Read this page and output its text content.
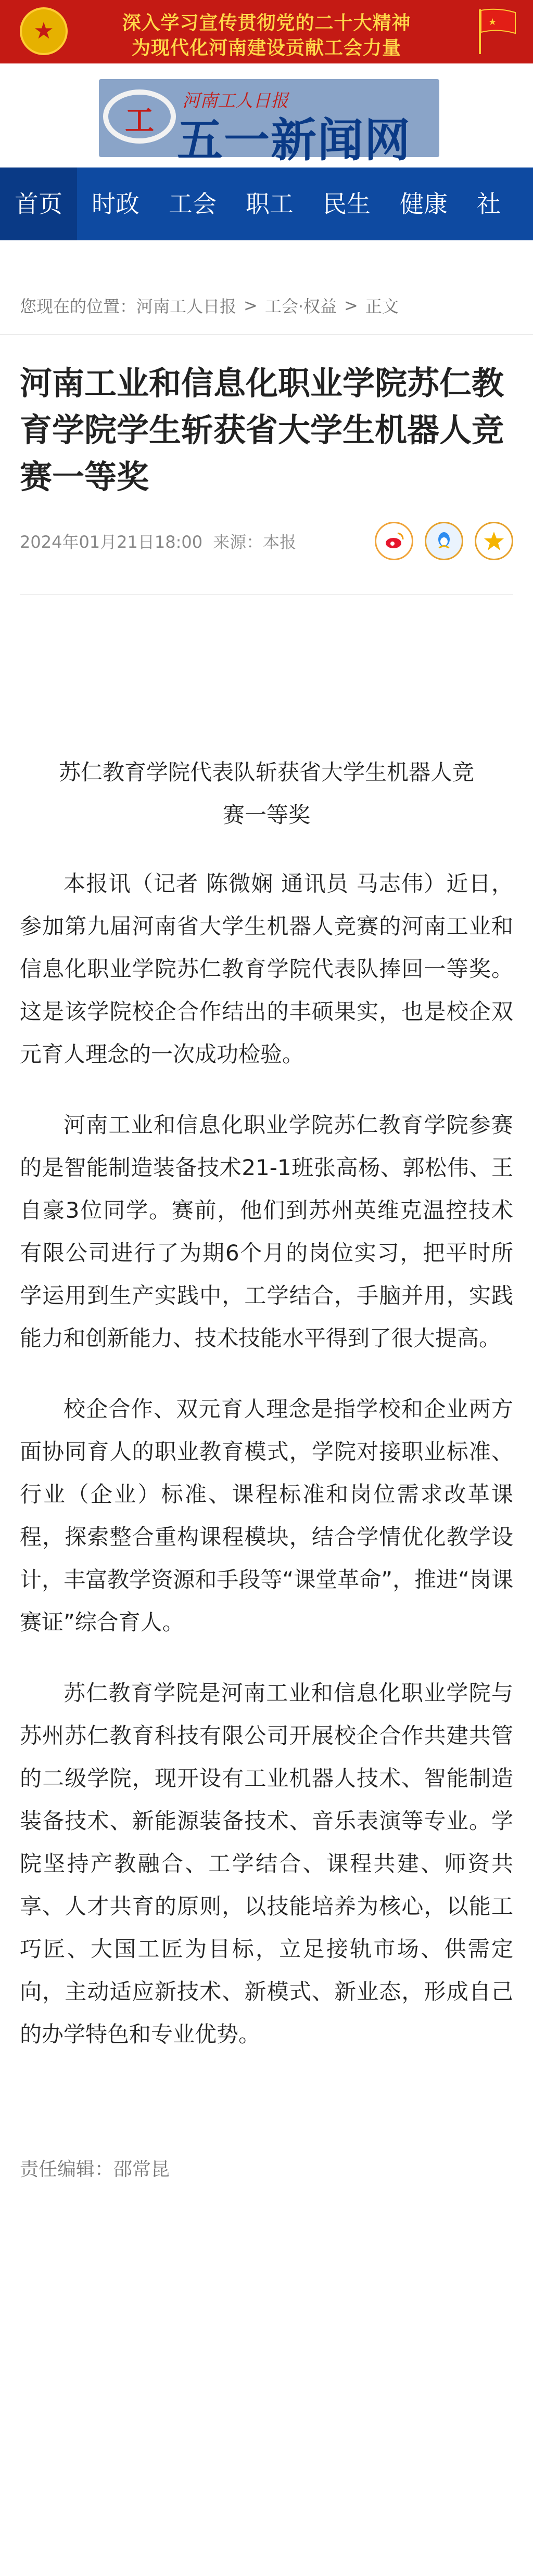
★
深入学习宣传贯彻党的二十大精神
为现代化河南建设贡献工会力量
★
工
河南工人日报
五一新闻网
首页	时政	工会	职工	民生	健康	社
您现在的位置： 河南工人日报 > 工会·权益 > 正文
河南工业和信息化职业学院苏仁教育学院学生斩获省大学生机器人竞赛一等奖
2024年01月21日18:00 来源： 本报

苏仁教育学院代表队斩获省大学生机器人竞赛一等奖

本报讯（记者 陈微娴 通讯员 马志伟）近日，参加第九届河南省大学生机器人竞赛的河南工业和信息化职业学院苏仁教育学院代表队捧回一等奖。这是该学院校企合作结出的丰硕果实，也是校企双元育人理念的一次成功检验。

河南工业和信息化职业学院苏仁教育学院参赛的是智能制造装备技术21-1班张高杨、郭松伟、王自豪3位同学。赛前，他们到苏州英维克温控技术有限公司进行了为期6个月的岗位实习，把平时所学运用到生产实践中，工学结合，手脑并用，实践能力和创新能力、技术技能水平得到了很大提高。

校企合作、双元育人理念是指学校和企业两方面协同育人的职业教育模式，学院对接职业标准、行业（企业）标准、课程标准和岗位需求改革课程，探索整合重构课程模块，结合学情优化教学设计，丰富教学资源和手段等“课堂革命”，推进“岗课赛证”综合育人。

苏仁教育学院是河南工业和信息化职业学院与苏州苏仁教育科技有限公司开展校企合作共建共管的二级学院，现开设有工业机器人技术、智能制造装备技术、新能源装备技术、音乐表演等专业。学院坚持产教融合、工学结合、课程共建、师资共享、人才共育的原则，以技能培养为核心，以能工巧匠、大国工匠为目标，立足接轨市场、供需定向，主动适应新技术、新模式、新业态，形成自己的办学特色和专业优势。

责任编辑：邵常昆
